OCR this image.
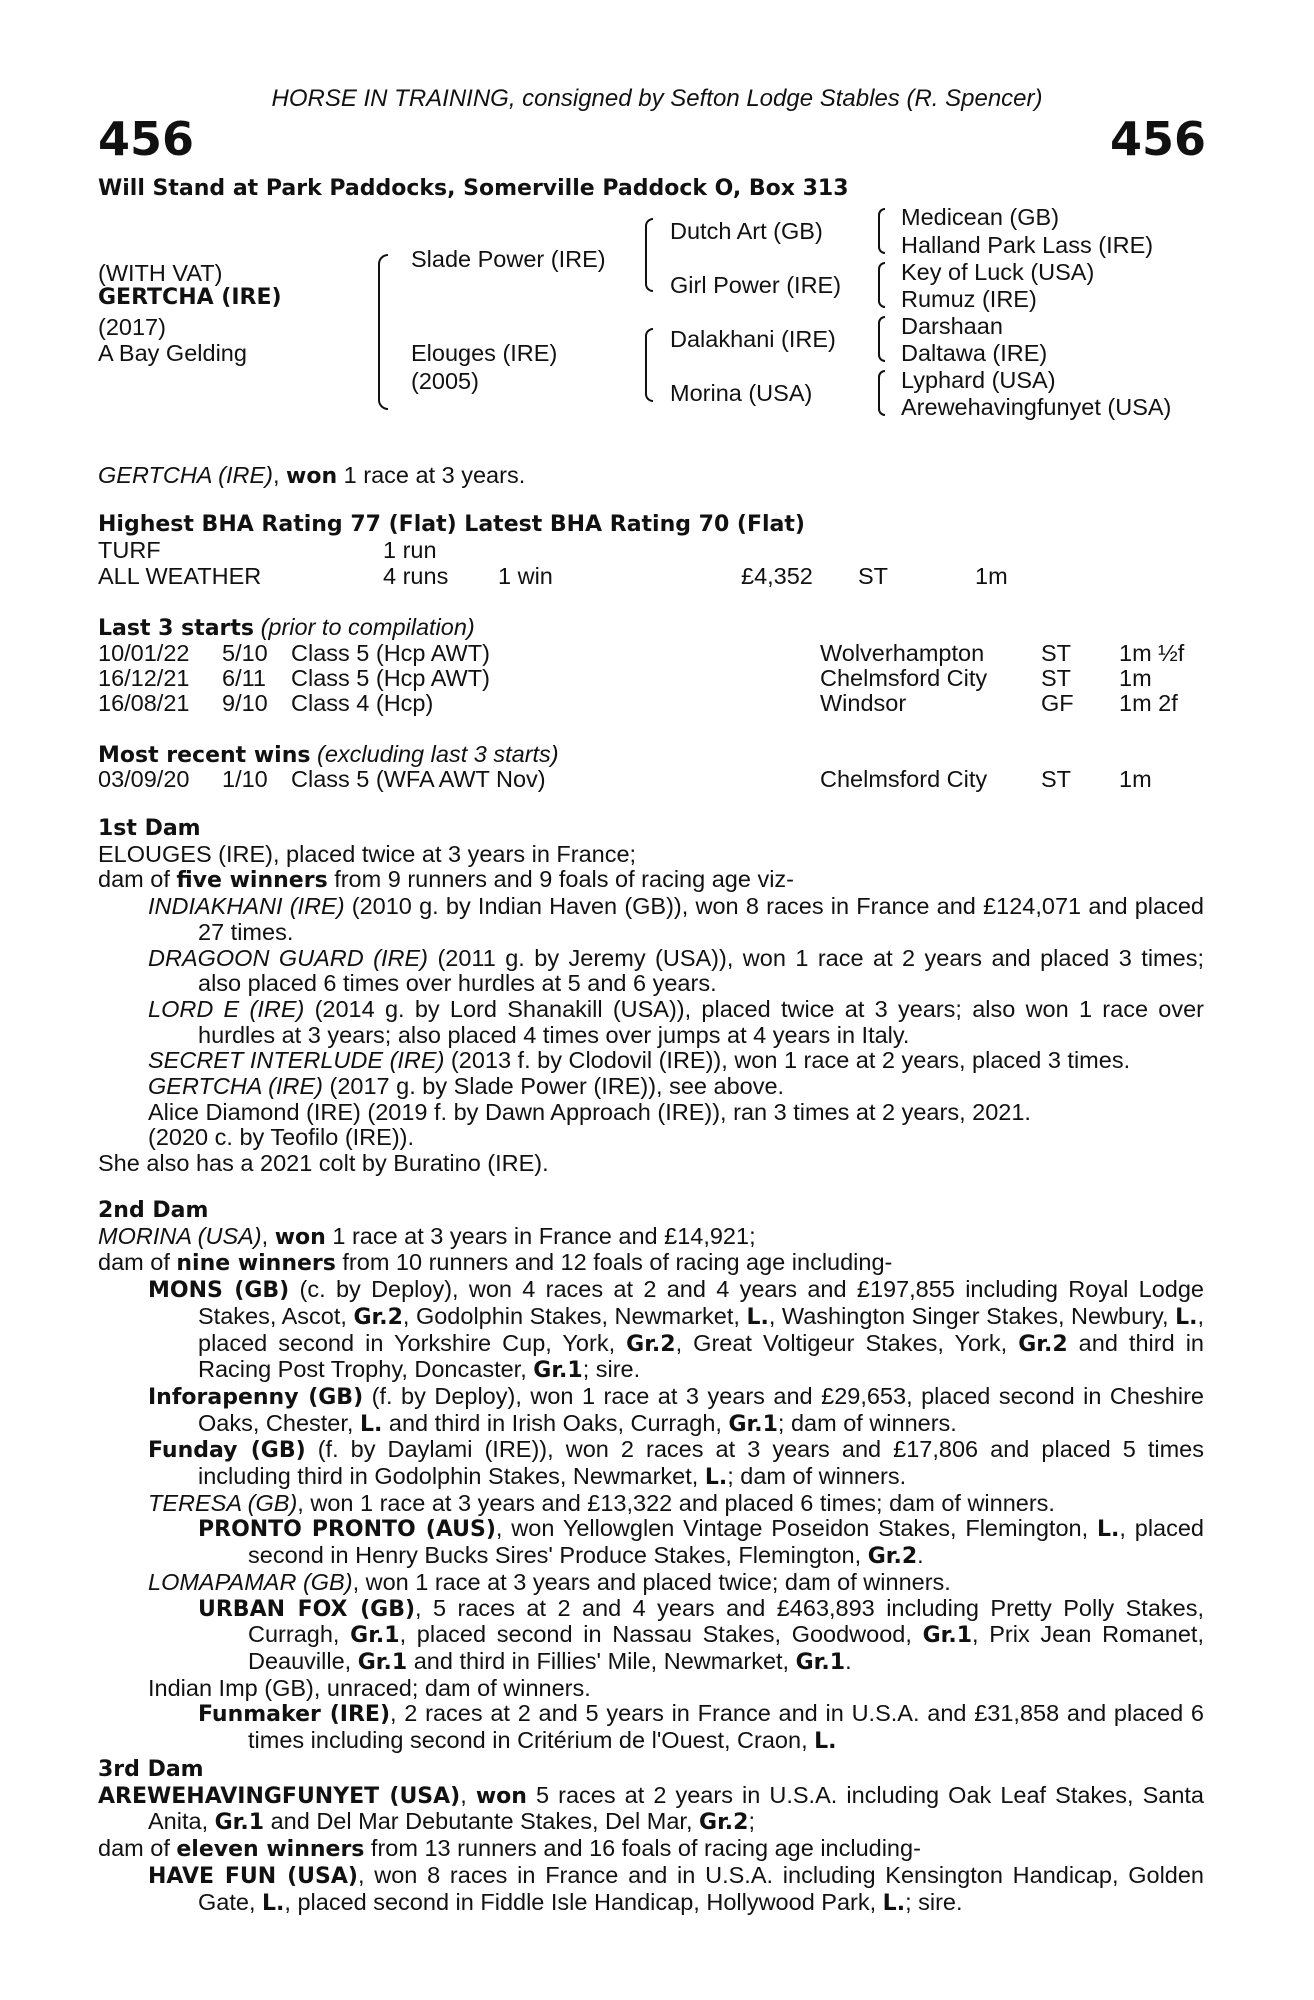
HORSE IN TRAINING, consigned by Sefton Lodge Stables (R. Spencer)
456	456
Will Stand at Park Paddocks, Somerville Paddock O, Box 313
(WITH VAT)
GERTCHA (IRE)
(2017)
A Bay Gelding
Slade Power (IRE)
Elouges (IRE)
(2005)
Dutch Art (GB)
Girl Power (IRE)
Dalakhani (IRE)
Morina (USA)
Medicean (GB)
Halland Park Lass (IRE)
Key of Luck (USA)
Rumuz (IRE)
Darshaan
Daltawa (IRE)
Lyphard (USA)
Arewehavingfunyet (USA)
GERTCHA (IRE), won 1 race at 3 years.
Highest BHA Rating 77 (Flat) Latest BHA Rating 70 (Flat)
TURF	1 run
ALL WEATHER	4 runs 1 win	£4,352 ST	1m
Last 3 starts (prior to compilation)
10/01/22 5/10 Class 5 (Hcp AWT)	Wolverhampton ST 1m ½f
16/12/21 6/11 Class 5 (Hcp AWT)	Chelmsford City ST 1m
16/08/21 9/10 Class 4 (Hcp)	Windsor	GF 1m 2f
Most recent wins (excluding last 3 starts)
03/09/20 1/10 Class 5 (WFA AWT Nov)	Chelmsford City ST 1m

1st Dam

ELOUGES (IRE), placed twice at 3 years in France;

dam of five winners from 9 runners and 9 foals of racing age viz-

INDIAKHANI (IRE) (2010 g. by Indian Haven (GB)), won 8 races in France and £124,071 and placed 27 times.

DRAGOON GUARD (IRE) (2011 g. by Jeremy (USA)), won 1 race at 2 years and placed 3 times; also placed 6 times over hurdles at 5 and 6 years.

LORD E (IRE) (2014 g. by Lord Shanakill (USA)), placed twice at 3 years; also won 1 race over hurdles at 3 years; also placed 4 times over jumps at 4 years in Italy.

SECRET INTERLUDE (IRE) (2013 f. by Clodovil (IRE)), won 1 race at 2 years, placed 3 times.

GERTCHA (IRE) (2017 g. by Slade Power (IRE)), see above.

Alice Diamond (IRE) (2019 f. by Dawn Approach (IRE)), ran 3 times at 2 years, 2021.

(2020 c. by Teofilo (IRE)).

She also has a 2021 colt by Buratino (IRE).

2nd Dam

MORINA (USA), won 1 race at 3 years in France and £14,921;

dam of nine winners from 10 runners and 12 foals of racing age including-

MONS (GB) (c. by Deploy), won 4 races at 2 and 4 years and £197,855 including Royal Lodge Stakes, Ascot, Gr.2, Godolphin Stakes, Newmarket, L., Washington Singer Stakes, Newbury, L., placed second in Yorkshire Cup, York, Gr.2, Great Voltigeur Stakes, York, Gr.2 and third in Racing Post Trophy, Doncaster, Gr.1; sire.

Inforapenny (GB) (f. by Deploy), won 1 race at 3 years and £29,653, placed second in Cheshire Oaks, Chester, L. and third in Irish Oaks, Curragh, Gr.1; dam of winners.

Funday (GB) (f. by Daylami (IRE)), won 2 races at 3 years and £17,806 and placed 5 times including third in Godolphin Stakes, Newmarket, L.; dam of winners.

TERESA (GB), won 1 race at 3 years and £13,322 and placed 6 times; dam of winners.

PRONTO PRONTO (AUS), won Yellowglen Vintage Poseidon Stakes, Flemington, L., placed second in Henry Bucks Sires' Produce Stakes, Flemington, Gr.2.

LOMAPAMAR (GB), won 1 race at 3 years and placed twice; dam of winners.

URBAN FOX (GB), 5 races at 2 and 4 years and £463,893 including Pretty Polly Stakes, Curragh, Gr.1, placed second in Nassau Stakes, Goodwood, Gr.1, Prix Jean Romanet, Deauville, Gr.1 and third in Fillies' Mile, Newmarket, Gr.1.

Indian Imp (GB), unraced; dam of winners.

Funmaker (IRE), 2 races at 2 and 5 years in France and in U.S.A. and £31,858 and placed 6 times including second in Critérium de l'Ouest, Craon, L.

3rd Dam

AREWEHAVINGFUNYET (USA), won 5 races at 2 years in U.S.A. including Oak Leaf Stakes, Santa Anita, Gr.1 and Del Mar Debutante Stakes, Del Mar, Gr.2;

dam of eleven winners from 13 runners and 16 foals of racing age including-

HAVE FUN (USA), won 8 races in France and in U.S.A. including Kensington Handicap, Golden Gate, L., placed second in Fiddle Isle Handicap, Hollywood Park, L.; sire.
